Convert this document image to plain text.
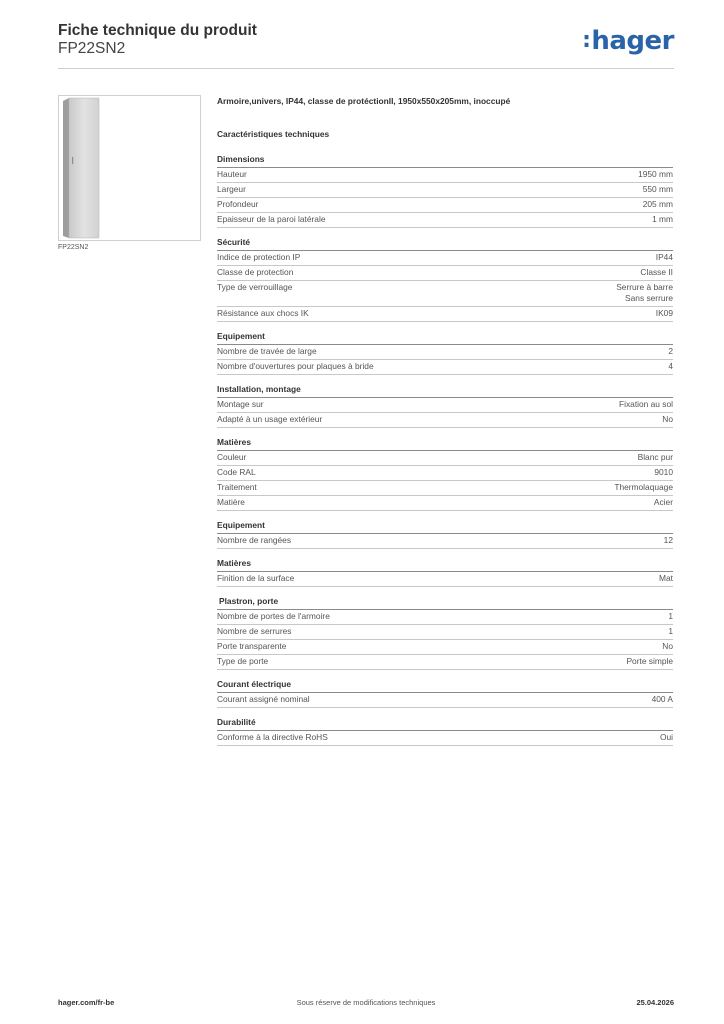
Fiche technique du produit
FP22SN2	:hager
FP22SN2
Armoire,univers, IP44, classe de protéctionII, 1950x550x205mm, inoccupé
Caractéristiques techniques
Dimensions
Hauteur	1950 mm
Largeur	550 mm
Profondeur	205 mm
Epaisseur de la paroi latérale	1 mm
Sécurité
Indice de protection IP	IP44
Classe de protection	Classe II
Type de verrouillage	Serrure à barre
Sans serrure
Résistance aux chocs IK	IK09
Equipement
Nombre de travée de large	2
Nombre d'ouvertures pour plaques à bride	4
Installation, montage
Montage sur	Fixation au sol
Adapté à un usage extérieur	No
Matières
Couleur	Blanc pur
Code RAL	9010
Traitement	Thermolaquage
Matière	Acier
Equipement
Nombre de rangées	12
Matières
Finition de la surface	Mat
Plastron, porte
Nombre de portes de l'armoire	1
Nombre de serrures	1
Porte transparente	No
Type de porte	Porte simple
Courant électrique
Courant assigné nominal	400 A
Durabilité
Conforme à la directive RoHS	Oui
Sous réserve de modifications techniques
hager.com/fr-be	25.04.2026
